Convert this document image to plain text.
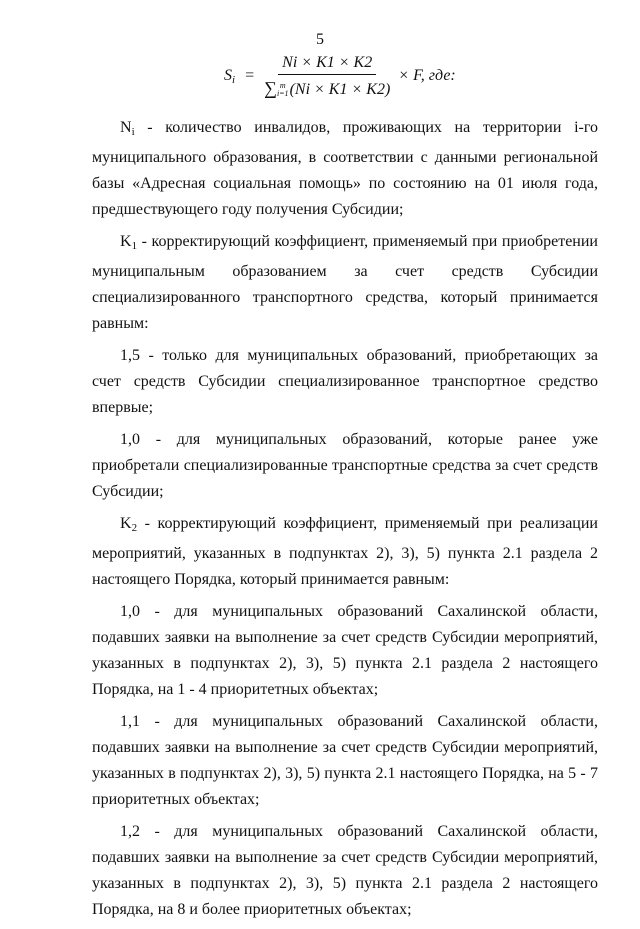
5
$S_i = Ni \times K1 \times K2$
∑ m
i=1 (Ni × K1 × K2) × F, где:

$N_i$ - количество инвалидов, проживающих на территории i-го муниципального образования, в соответствии с данными региональной базы «Адресная социальная помощь» по состоянию на 01 июля года, предшествующего году получения Субсидии;

$K_1$ - корректирующий коэффициент, применяемый при приобретении муниципальным образованием за счет средств Субсидии специализированного транспортного средства, который принимается равным:

1,5 - только для муниципальных образований, приобретающих за счет средств Субсидии специализированное транспортное средство впервые;

1,0 - для муниципальных образований, которые ранее уже приобретали специализированные транспортные средства за счет средств Субсидии;

$K_2$ - корректирующий коэффициент, применяемый при реализации мероприятий, указанных в подпунктах 2), 3), 5) пункта 2.1 раздела 2 настоящего Порядка, который принимается равным:

1,0 - для муниципальных образований Сахалинской области, подавших заявки на выполнение за счет средств Субсидии мероприятий, указанных в подпунктах 2), 3), 5) пункта 2.1 раздела 2 настоящего Порядка, на 1 - 4 приоритетных объектах;

1,1 - для муниципальных образований Сахалинской области, подавших заявки на выполнение за счет средств Субсидии мероприятий, указанных в подпунктах 2), 3), 5) пункта 2.1 настоящего Порядка, на 5 - 7 приоритетных объектах;

1,2 - для муниципальных образований Сахалинской области, подавших заявки на выполнение за счет средств Субсидии мероприятий, указанных в подпунктах 2), 3), 5) пункта 2.1 раздела 2 настоящего Порядка, на 8 и более приоритетных объектах;
